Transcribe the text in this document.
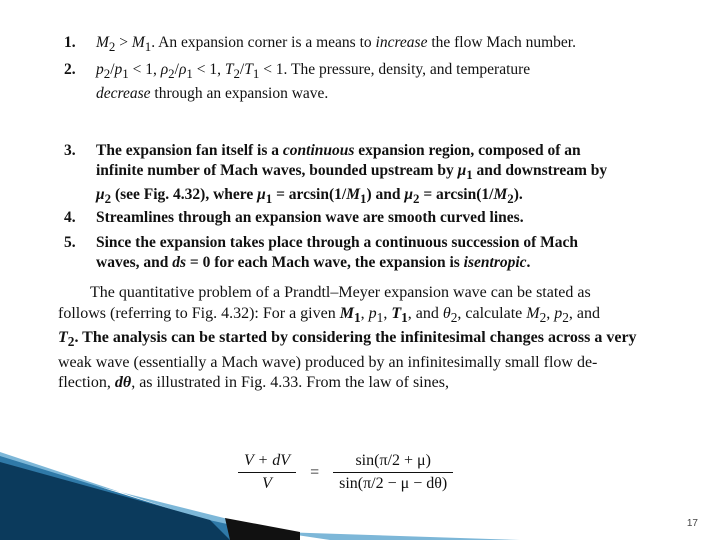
1. $M_2 > M_1$. An expansion corner is a means to increase the flow Mach number.
2. $p_2/p_1 < 1$, $\rho_2/\rho_1 < 1$, $T_2/T_1 < 1$. The pressure, density, and temperature
decrease through an expansion wave.
3. The expansion fan itself is a continuous expansion region, composed of an
infinite number of Mach waves, bounded upstream by $\mu_1$ and downstream by
$\mu_2$ (see Fig. 4.32), where $\mu_1 = \arcsin(1/M_1)$ and $\mu_2 = \arcsin(1/M_2)$.
4. Streamlines through an expansion wave are smooth curved lines.
5. Since the expansion takes place through a continuous succession of Mach
waves, and ds = 0 for each Mach wave, the expansion is isentropic.
The quantitative problem of a Prandtl–Meyer expansion wave can be stated as
follows (referring to Fig. 4.32): For a given $M_1$, $p_1$, $T_1$, and $\theta_2$, calculate $M_2$, $p_2$, and
$T_2$. The analysis can be started by considering the infinitesimal changes across a very
weak wave (essentially a Mach wave) produced by an infinitesimally small flow de-
flection, dθ, as illustrated in Fig. 4.33. From the law of sines,
$\frac{V + dV}{V} = \frac{\sin(\pi/2 + \mu)}{\sin(\pi/2 - \mu - d\theta)}$
17
